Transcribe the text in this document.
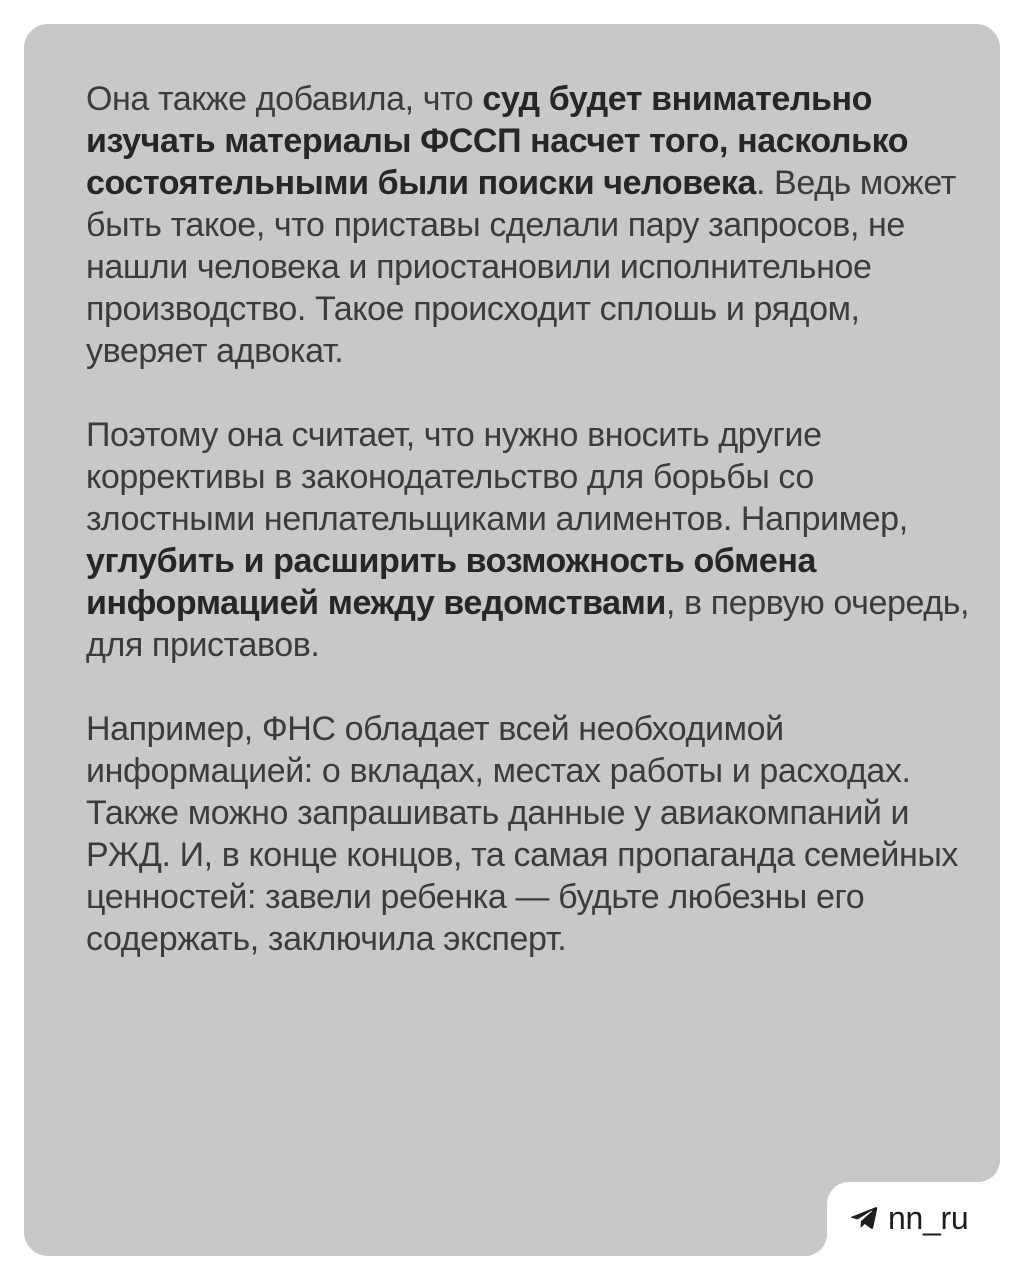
Она также добавила, что суд будет внимательно изучать материалы ФССП насчет того, насколько состоятельными были поиски человека. Ведь может быть такое, что приставы сделали пару запросов, не нашли человека и приостановили исполнительное производство. Такое происходит сплошь и рядом, уверяет адвокат.

Поэтому она считает, что нужно вносить другие коррективы в законодательство для борьбы со злостными неплательщиками алиментов. Например, углубить и расширить возможность обмена информацией между ведомствами, в первую очередь, для приставов.

Например, ФНС обладает всей необходимой информацией: о вкладах, местах работы и расходах. Также можно запрашивать данные у авиакомпаний и РЖД. И, в конце концов, та самая пропаганда семейных ценностей: завели ребенка — будьте любезны его содержать, заключила эксперт.

nn_ru
